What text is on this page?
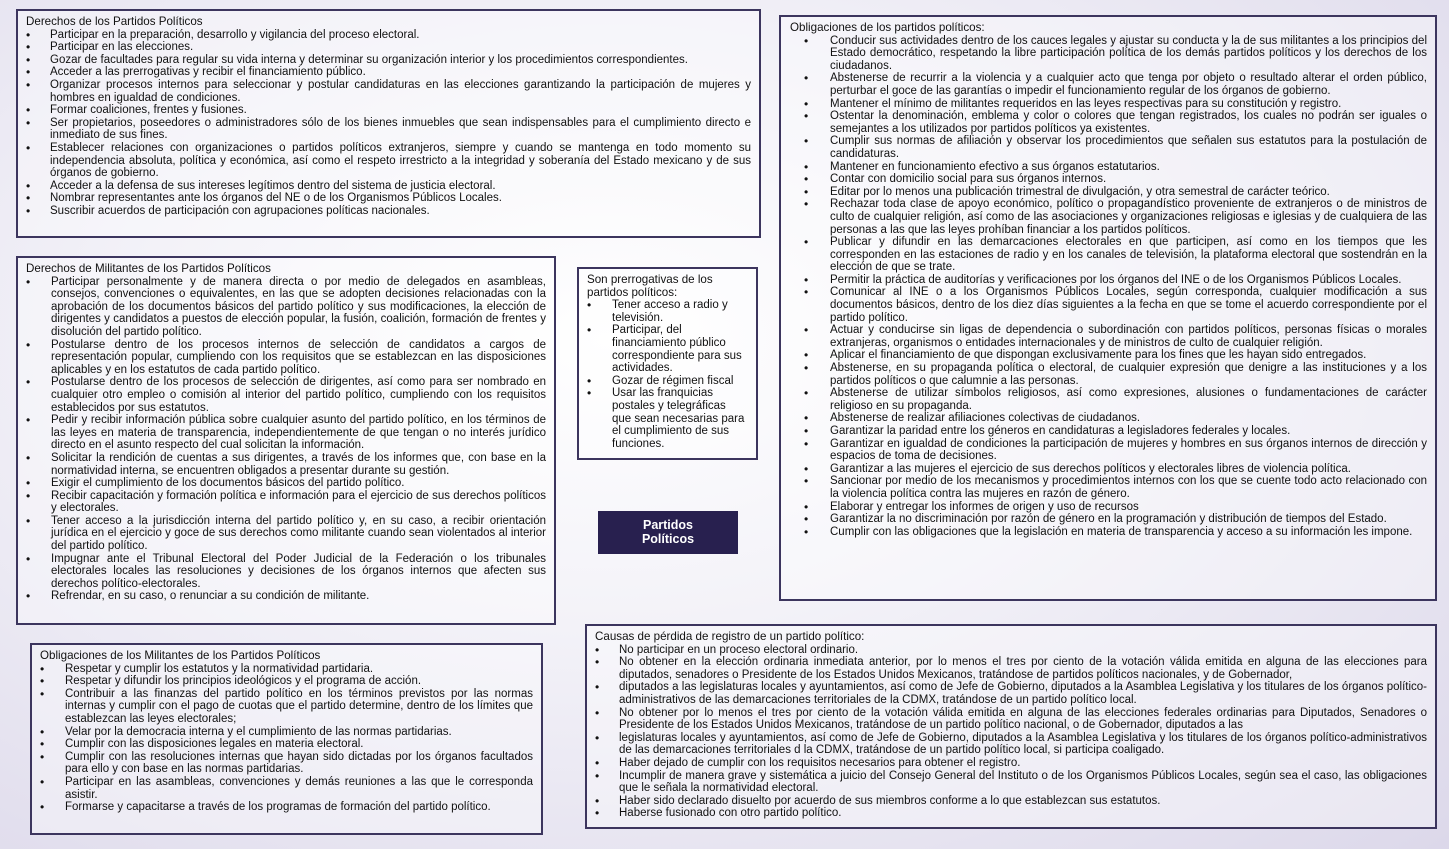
Derechos de los Partidos Políticos
• Participar en la preparación, desarrollo y vigilancia del proceso electoral.
• Participar en las elecciones.
• Gozar de facultades para regular su vida interna y determinar su organización interior y los procedimientos correspondientes.
• Acceder a las prerrogativas y recibir el financiamiento público.
• Organizar procesos internos para seleccionar y postular candidaturas en las elecciones garantizando la participación de mujeres y hombres en igualdad de condiciones.
• Formar coaliciones, frentes y fusiones.
• Ser propietarios, poseedores o administradores sólo de los bienes inmuebles que sean indispensables para el cumplimiento directo e inmediato de sus fines.
• Establecer relaciones con organizaciones o partidos políticos extranjeros, siempre y cuando se mantenga en todo momento su independencia absoluta, política y económica, así como el respeto irrestricto a la integridad y soberanía del Estado mexicano y de sus órganos de gobierno.
• Acceder a la defensa de sus intereses legítimos dentro del sistema de justicia electoral.
• Nombrar representantes ante los órganos del NE o de los Organismos Públicos Locales.
• Suscribir acuerdos de participación con agrupaciones políticas nacionales.
Derechos de Militantes de los Partidos Políticos
• Participar personalmente y de manera directa o por medio de delegados en asambleas, consejos, convenciones o equivalentes, en las que se adopten decisiones relacionadas con la aprobación de los documentos básicos del partido político y sus modificaciones, la elección de dirigentes y candidatos a puestos de elección popular, la fusión, coalición, formación de frentes y disolución del partido político.
• Postularse dentro de los procesos internos de selección de candidatos a cargos de representación popular, cumpliendo con los requisitos que se establezcan en las disposiciones aplicables y en los estatutos de cada partido político.
• Postularse dentro de los procesos de selección de dirigentes, así como para ser nombrado en cualquier otro empleo o comisión al interior del partido político, cumpliendo con los requisitos establecidos por sus estatutos.
• Pedir y recibir información pública sobre cualquier asunto del partido político, en los términos de las leyes en materia de transparencia, independientemente de que tengan o no interés jurídico directo en el asunto respecto del cual solicitan la información.
• Solicitar la rendición de cuentas a sus dirigentes, a través de los informes que, con base en la normatividad interna, se encuentren obligados a presentar durante su gestión.
• Exigir el cumplimiento de los documentos básicos del partido político.
• Recibir capacitación y formación política e información para el ejercicio de sus derechos políticos y electorales.
• Tener acceso a la jurisdicción interna del partido político y, en su caso, a recibir orientación jurídica en el ejercicio y goce de sus derechos como militante cuando sean violentados al interior del partido político.
• Impugnar ante el Tribunal Electoral del Poder Judicial de la Federación o los tribunales electorales locales las resoluciones y decisiones de los órganos internos que afecten sus derechos político-electorales.
• Refrendar, en su caso, o renunciar a su condición de militante.
Son prerrogativas de los partidos políticos:
• Tener acceso a radio y televisión.
• Participar, del financiamiento público correspondiente para sus actividades.
• Gozar de régimen fiscal
• Usar las franquicias postales y telegráficas que sean necesarias para el cumplimiento de sus funciones.
Obligaciones de los partidos políticos:
• Conducir sus actividades dentro de los cauces legales y ajustar su conducta y la de sus militantes a los principios del Estado democrático, respetando la libre participación política de los demás partidos políticos y los derechos de los ciudadanos.
• Abstenerse de recurrir a la violencia y a cualquier acto que tenga por objeto o resultado alterar el orden público, perturbar el goce de las garantías o impedir el funcionamiento regular de los órganos de gobierno.
• Mantener el mínimo de militantes requeridos en las leyes respectivas para su constitución y registro.
• Ostentar la denominación, emblema y color o colores que tengan registrados, los cuales no podrán ser iguales o semejantes a los utilizados por partidos políticos ya existentes.
• Cumplir sus normas de afiliación y observar los procedimientos que señalen sus estatutos para la postulación de candidaturas.
• Mantener en funcionamiento efectivo a sus órganos estatutarios.
• Contar con domicilio social para sus órganos internos.
• Editar por lo menos una publicación trimestral de divulgación, y otra semestral de carácter teórico.
• Rechazar toda clase de apoyo económico, político o propagandístico proveniente de extranjeros o de ministros de culto de cualquier religión, así como de las asociaciones y organizaciones religiosas e iglesias y de cualquiera de las personas a las que las leyes prohíban financiar a los partidos políticos.
• Publicar y difundir en las demarcaciones electorales en que participen, así como en los tiempos que les corresponden en las estaciones de radio y en los canales de televisión, la plataforma electoral que sostendrán en la elección de que se trate.
• Permitir la práctica de auditorías y verificaciones por los órganos del INE o de los Organismos Públicos Locales.
• Comunicar al INE o a los Organismos Públicos Locales, según corresponda, cualquier modificación a sus documentos básicos, dentro de los diez días siguientes a la fecha en que se tome el acuerdo correspondiente por el partido político.
• Actuar y conducirse sin ligas de dependencia o subordinación con partidos políticos, personas físicas o morales extranjeras, organismos o entidades internacionales y de ministros de culto de cualquier religión.
• Aplicar el financiamiento de que dispongan exclusivamente para los fines que les hayan sido entregados.
• Abstenerse, en su propaganda política o electoral, de cualquier expresión que denigre a las instituciones y a los partidos políticos o que calumnie a las personas.
• Abstenerse de utilizar símbolos religiosos, así como expresiones, alusiones o fundamentaciones de carácter religioso en su propaganda.
• Abstenerse de realizar afiliaciones colectivas de ciudadanos.
• Garantizar la paridad entre los géneros en candidaturas a legisladores federales y locales.
• Garantizar en igualdad de condiciones la participación de mujeres y hombres en sus órganos internos de dirección y espacios de toma de decisiones.
• Garantizar a las mujeres el ejercicio de sus derechos políticos y electorales libres de violencia política.
• Sancionar por medio de los mecanismos y procedimientos internos con los que se cuente todo acto relacionado con la violencia política contra las mujeres en razón de género.
• Elaborar y entregar los informes de origen y uso de recursos
• Garantizar la no discriminación por razón de género en la programación y distribución de tiempos del Estado.
• Cumplir con las obligaciones que la legislación en materia de transparencia y acceso a su información les impone.
Obligaciones de los Militantes de los Partidos Políticos
• Respetar y cumplir los estatutos y la normatividad partidaria.
• Respetar y difundir los principios ideológicos y el programa de acción.
• Contribuir a las finanzas del partido político en los términos previstos por las normas internas y cumplir con el pago de cuotas que el partido determine, dentro de los límites que establezcan las leyes electorales;
• Velar por la democracia interna y el cumplimiento de las normas partidarias.
• Cumplir con las disposiciones legales en materia electoral.
• Cumplir con las resoluciones internas que hayan sido dictadas por los órganos facultados para ello y con base en las normas partidarias.
• Participar en las asambleas, convenciones y demás reuniones a las que le corresponda asistir.
• Formarse y capacitarse a través de los programas de formación del partido político.
Causas de pérdida de registro de un partido político:
• No participar en un proceso electoral ordinario.
• No obtener en la elección ordinaria inmediata anterior, por lo menos el tres por ciento de la votación válida emitida en alguna de las elecciones para diputados, senadores o Presidente de los Estados Unidos Mexicanos, tratándose de partidos políticos nacionales, y de Gobernador,
• diputados a las legislaturas locales y ayuntamientos, así como de Jefe de Gobierno, diputados a la Asamblea Legislativa y los titulares de los órganos político-administrativos de las demarcaciones territoriales de la CDMX, tratándose de un partido político local.
• No obtener por lo menos el tres por ciento de la votación válida emitida en alguna de las elecciones federales ordinarias para Diputados, Senadores o Presidente de los Estados Unidos Mexicanos, tratándose de un partido político nacional, o de Gobernador, diputados a las
• legislaturas locales y ayuntamientos, así como de Jefe de Gobierno, diputados a la Asamblea Legislativa y los titulares de los órganos político-administrativos de las demarcaciones territoriales d la CDMX, tratándose de un partido político local, si participa coaligado.
• Haber dejado de cumplir con los requisitos necesarios para obtener el registro.
• Incumplir de manera grave y sistemática a juicio del Consejo General del Instituto o de los Organismos Públicos Locales, según sea el caso, las obligaciones que le señala la normatividad electoral.
• Haber sido declarado disuelto por acuerdo de sus miembros conforme a lo que establezcan sus estatutos.
• Haberse fusionado con otro partido político.
Partidos
Políticos
